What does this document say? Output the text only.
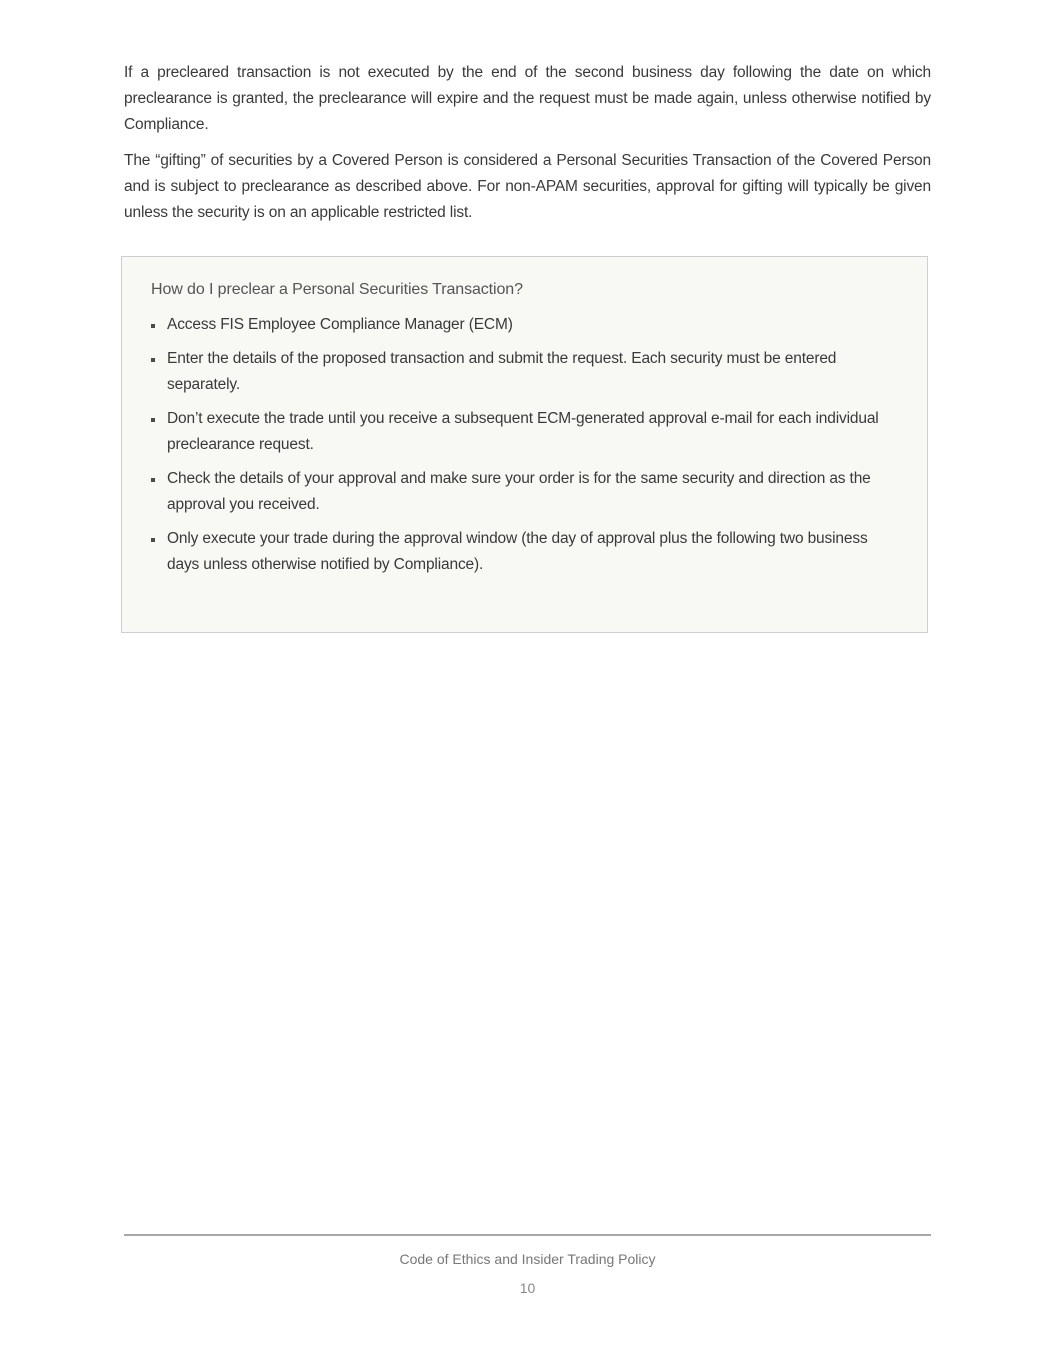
If a precleared transaction is not executed by the end of the second business day following the date on which preclearance is granted, the preclearance will expire and the request must be made again, unless otherwise notified by Compliance.

The “gifting” of securities by a Covered Person is considered a Personal Securities Transaction of the Covered Person and is subject to preclearance as described above. For non-APAM securities, approval for gifting will typically be given unless the security is on an applicable restricted list.

How do I preclear a Personal Securities Transaction?

Access FIS Employee Compliance Manager (ECM)
Enter the details of the proposed transaction and submit the request. Each security must be entered separately.
Don’t execute the trade until you receive a subsequent ECM-generated approval e-mail for each individual preclearance request.
Check the details of your approval and make sure your order is for the same security and direction as the approval you received.
Only execute your trade during the approval window (the day of approval plus the following two business days unless otherwise notified by Compliance).
Code of Ethics and Insider Trading Policy
10
